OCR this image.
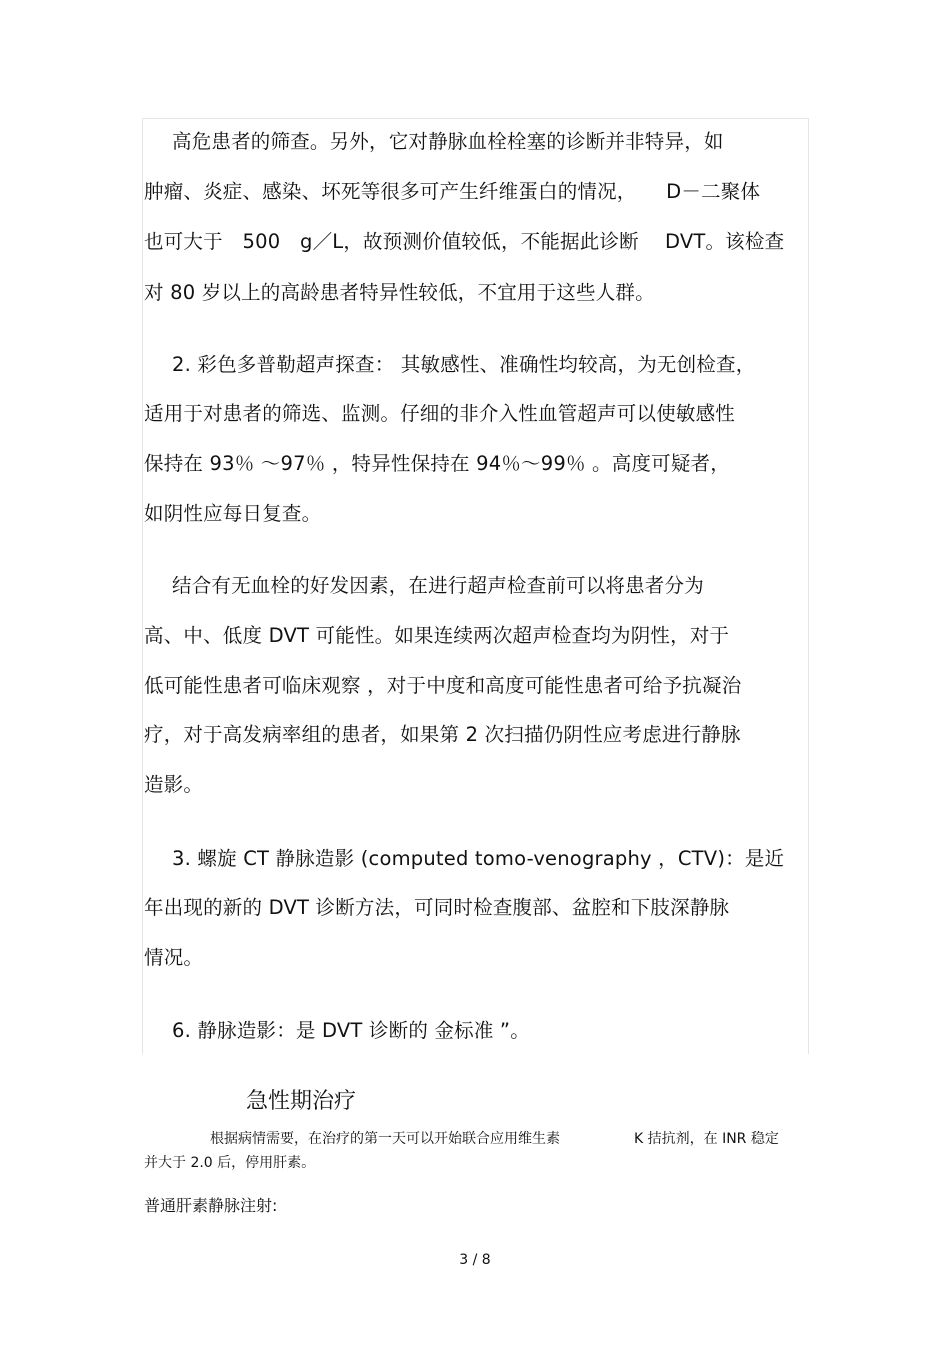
高危患者的筛查。另外，它对静脉血栓栓塞的诊断并非特异，如
肿瘤、炎症、感染、坏死等很多可产生纤维蛋白的情况，　　D－二聚体
也可大于　500　g／L，故预测价值较低，不能据此诊断　 DVT。该检查
对 80 岁以上的高龄患者特异性较低，不宜用于这些人群。
2. 彩色多普勒超声探查： 其敏感性、准确性均较高，为无创检查，
适用于对患者的筛选、监测。仔细的非介入性血管超声可以使敏感性
保持在 93％ ～97％ ，特异性保持在 94％～99％ 。高度可疑者，
如阴性应每日复查。
结合有无血栓的好发因素，在进行超声检查前可以将患者分为
高、中、低度 DVT 可能性。如果连续两次超声检查均为阴性，对于
低可能性患者可临床观察 ，对于中度和高度可能性患者可给予抗凝治
疗，对于高发病率组的患者，如果第 2 次扫描仍阴性应考虑进行静脉
造影。
3. 螺旋 CT 静脉造影 (computed tomo-venography ，CTV)：是近
年出现的新的 DVT 诊断方法，可同时检查腹部、盆腔和下肢深静脉
情况。
6. 静脉造影：是 DVT 诊断的 金标准 ”。
急性期治疗
根据病情需要，在治疗的第一天可以开始联合应用维生素	K 拮抗剂，在 INR 稳定
并大于 2.0 后，停用肝素。
普通肝素静脉注射:
3 / 8
